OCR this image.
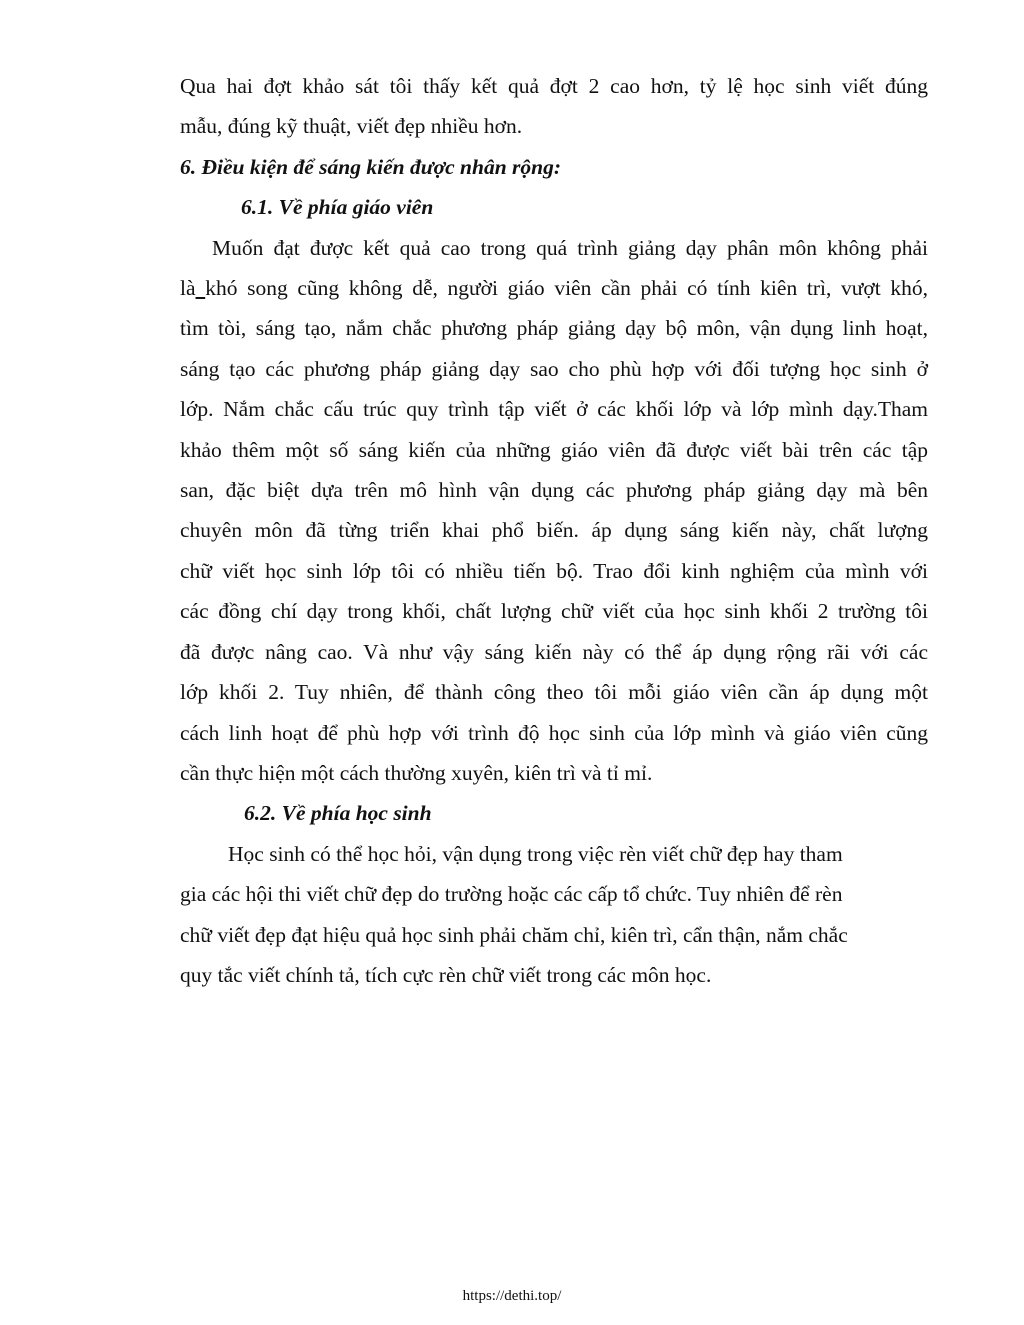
Qua hai đợt khảo sát tôi thấy kết quả đợt 2 cao hơn, tỷ lệ học sinh viết đúng

mẫu, đúng kỹ thuật, viết đẹp nhiều hơn.

6. Điều kiện để sáng kiến được nhân rộng:

6.1. Về phía giáo viên

Muốn đạt được kết quả cao trong quá trình giảng dạy phân môn không phải

là khó song cũng không dễ, người giáo viên cần phải có tính kiên trì, vượt khó,

tìm tòi, sáng tạo, nắm chắc phương pháp giảng dạy bộ môn, vận dụng linh hoạt,

sáng tạo các phương pháp giảng dạy sao cho phù hợp với đối tượng học sinh ở

lớp. Nắm chắc cấu trúc quy trình tập viết ở các khối lớp và lớp mình dạy.Tham

khảo thêm một số sáng kiến của những giáo viên đã được viết bài trên các tập

san, đặc biệt dựa trên mô hình vận dụng các phương pháp giảng dạy mà bên

chuyên môn đã từng triển khai phổ biến. áp dụng sáng kiến này, chất lượng

chữ viết học sinh lớp tôi có nhiều tiến bộ. Trao đổi kinh nghiệm của mình với

các đồng chí dạy trong khối, chất lượng chữ viết của học sinh khối 2 trường tôi

đã được nâng cao. Và như vậy sáng kiến này có thể áp dụng rộng rãi với các

lớp khối 2. Tuy nhiên, để thành công theo tôi mỗi giáo viên cần áp dụng một

cách linh hoạt để phù hợp với trình độ học sinh của lớp mình và giáo viên cũng

cần thực hiện một cách thường xuyên, kiên trì và tỉ mỉ.

6.2. Về phía học sinh

Học sinh có thể học hỏi, vận dụng trong việc rèn viết chữ đẹp hay tham

gia các hội thi viết chữ đẹp do trường hoặc các cấp tổ chức. Tuy nhiên để rèn

chữ viết đẹp đạt hiệu quả học sinh phải chăm chỉ, kiên trì, cẩn thận, nắm chắc

quy tắc viết chính tả, tích cực rèn chữ viết trong các môn học.

https://dethi.top/
